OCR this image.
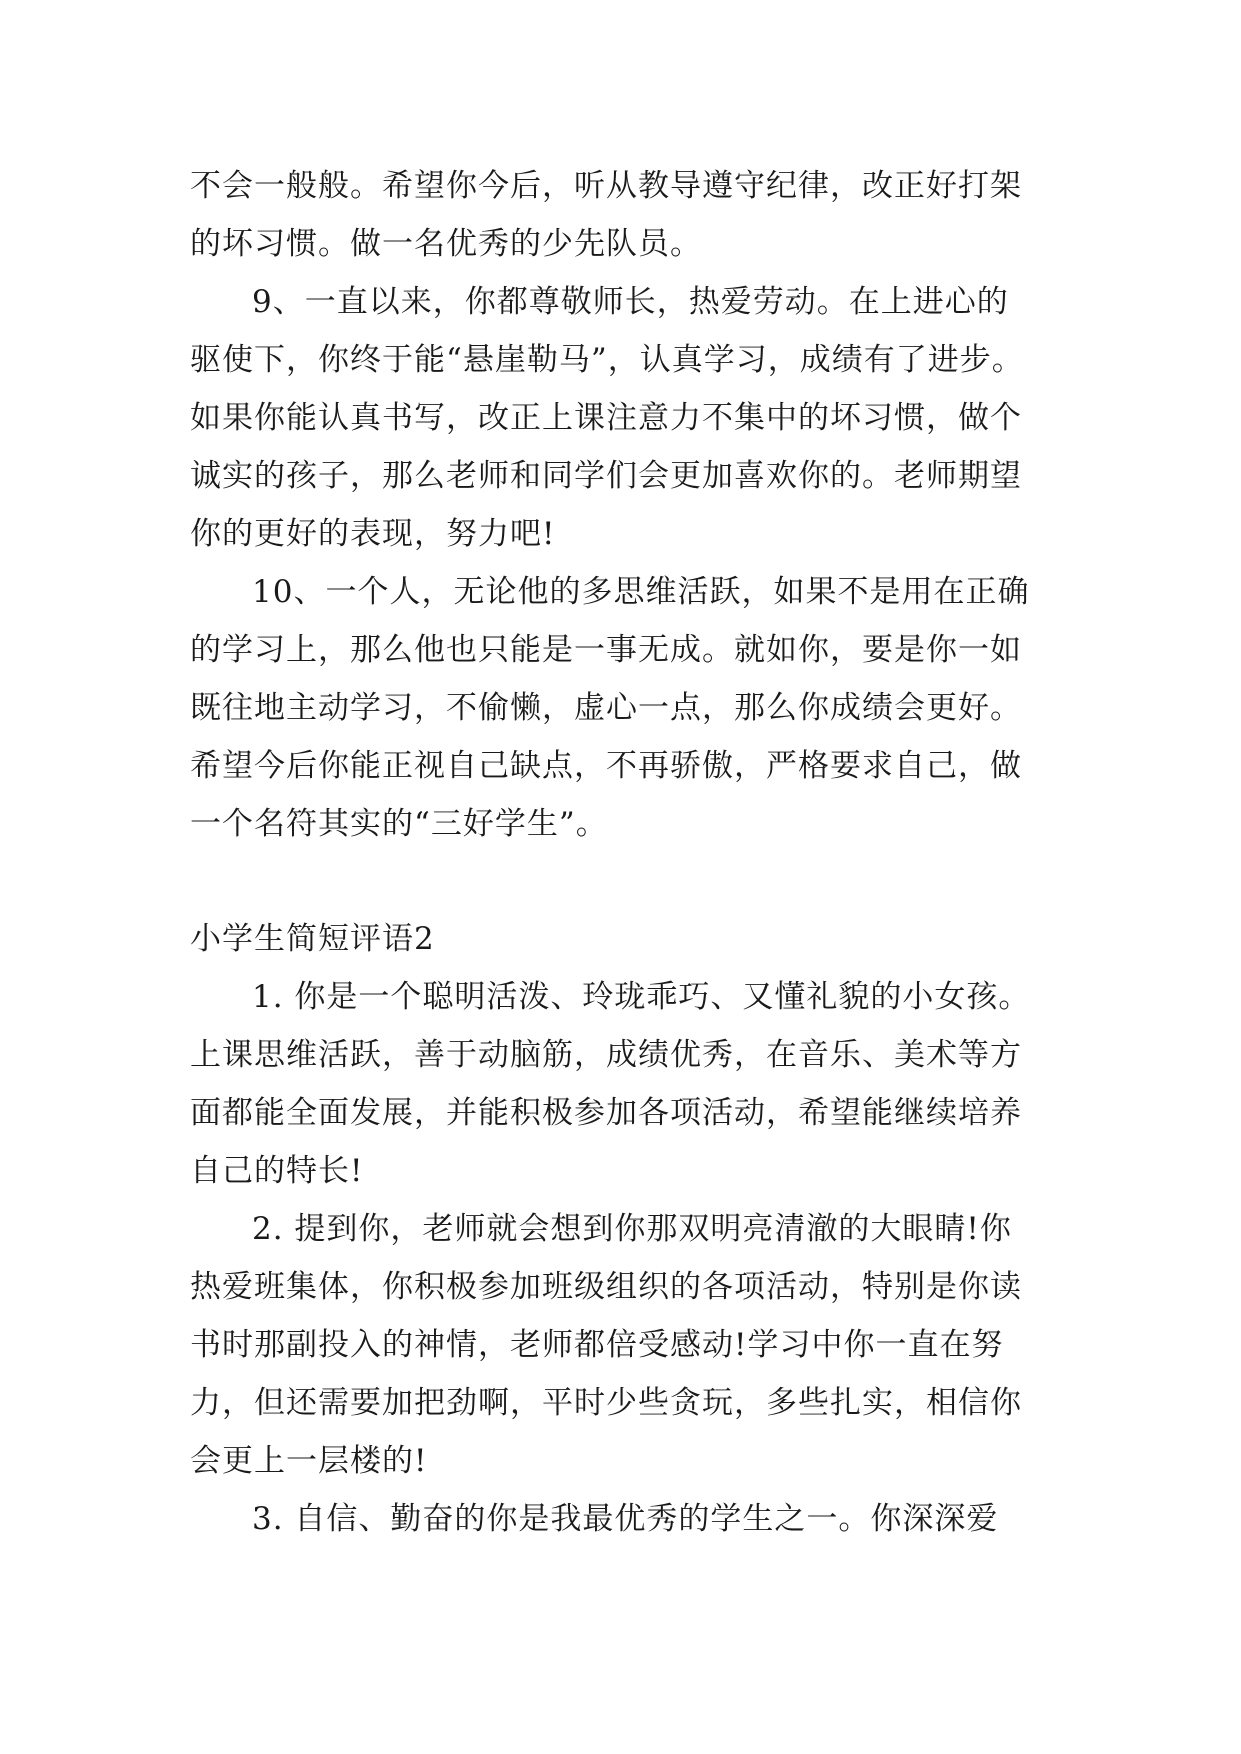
不会一般般。希望你今后，听从教导遵守纪律，改正好打架
的坏习惯。做一名优秀的少先队员。
9、一直以来，你都尊敬师长，热爱劳动。在上进心的
驱使下，你终于能“悬崖勒马”，认真学习，成绩有了进步。
如果你能认真书写，改正上课注意力不集中的坏习惯，做个
诚实的孩子，那么老师和同学们会更加喜欢你的。老师期望
你的更好的表现，努力吧!
10、一个人，无论他的多思维活跃，如果不是用在正确
的学习上，那么他也只能是一事无成。就如你，要是你一如
既往地主动学习，不偷懒，虚心一点，那么你成绩会更好。
希望今后你能正视自己缺点，不再骄傲，严格要求自己，做
一个名符其实的“三好学生”。
小学生简短评语2
1. 你是一个聪明活泼、玲珑乖巧、又懂礼貌的小女孩。
上课思维活跃，善于动脑筋，成绩优秀，在音乐、美术等方
面都能全面发展，并能积极参加各项活动，希望能继续培养
自己的特长!
2. 提到你，老师就会想到你那双明亮清澈的大眼睛!你
热爱班集体，你积极参加班级组织的各项活动，特别是你读
书时那副投入的神情，老师都倍受感动!学习中你一直在努
力，但还需要加把劲啊，平时少些贪玩，多些扎实，相信你
会更上一层楼的!
3. 自信、勤奋的你是我最优秀的学生之一。你深深爱
